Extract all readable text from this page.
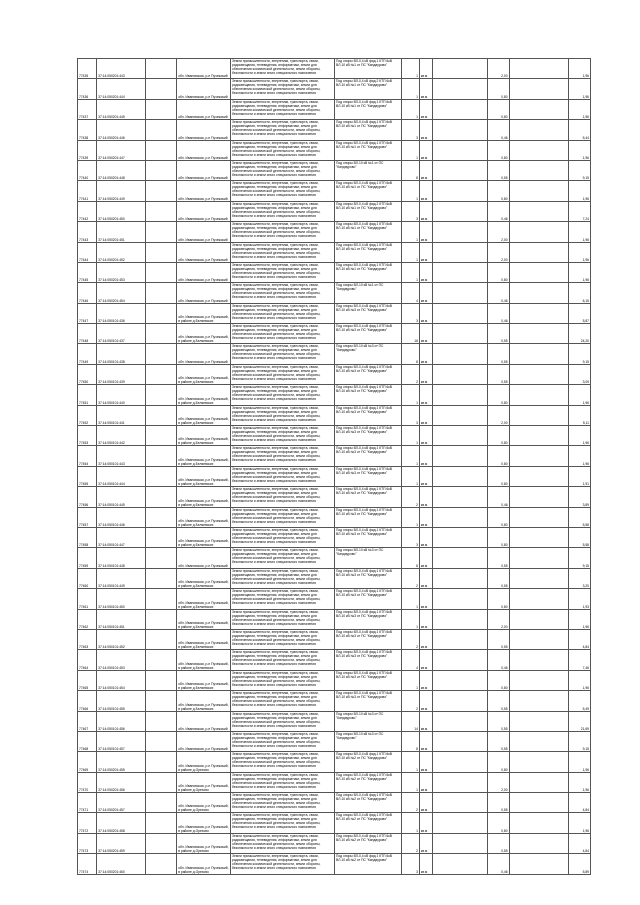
77435	37:14:050201:443		обл. Ивановская, р-н Пучежский	Земли промышленности, энергетики, транспорта, связи, радиовещания, телевидения, информатики, земли для обеспечения космической деятельности, земли обороны, безопасности и земли иного специального назначения	Под опоры ВЛ-0,4 кВ фид.1 КТП 6кВ ВЛ-10 кВ №1 от ПС "Кандаурово"	1	кв.м		2,00		1,96
77436	37:14:050201:444		обл. Ивановская, р-н Пучежский	Земли промышленности, энергетики, транспорта, связи, радиовещания, телевидения, информатики, земли для обеспечения космической деятельности, земли обороны, безопасности и земли иного специального назначения	Под опоры ВЛ-0,4 кВ фид.2 КТП 6кВ ВЛ-10 кВ №1 от ПС "Кандаурово"	1	кв.м		0,80		1,96
77437	37:14:050201:445		обл. Ивановская, р-н Пучежский	Земли промышленности, энергетики, транспорта, связи, радиовещания, телевидения, информатики, земли для обеспечения космической деятельности, земли обороны, безопасности и земли иного специального назначения	Под опоры ВЛ-0,4 кВ фид.1 КТП 6кВ ВЛ-10 кВ №1 от ПС "Кандаурово"	1	кв.м		0,80		1,96
77438	37:14:050201:446		обл. Ивановская, р-н Пучежский	Земли промышленности, энергетики, транспорта, связи, радиовещания, телевидения, информатики, земли для обеспечения космической деятельности, земли обороны, безопасности и земли иного специального назначения	Под опоры ВЛ-0,4 кВ фид.1 КТП 6кВ ВЛ-10 кВ №1 от ПС "Кандаурово"	3	кв.м		0,46		5,44
77439	37:14:050201:447		обл. Ивановская, р-н Пучежский	Земли промышленности, энергетики, транспорта, связи, радиовещания, телевидения, информатики, земли для обеспечения космической деятельности, земли обороны, безопасности и земли иного специального назначения	Под опоры ВЛ-0,4 кВ фид.1 КТП 6кВ ВЛ-10 кВ №1 от ПС "Кандаурово"	1	кв.м		0,80		1,96
77440	37:14:050201:448		обл. Ивановская, р-н Пучежский	Земли промышленности, энергетики, транспорта, связи, радиовещания, телевидения, информатики, земли для обеспечения космической деятельности, земли обороны, безопасности и земли иного специального назначения	Под опоры ВЛ-10 кВ №1 от ПС "Кандаурово"	8	кв.м		0,55		9,15
77441	37:14:050201:449		обл. Ивановская, р-н Пучежский	Земли промышленности, энергетики, транспорта, связи, радиовещания, телевидения, информатики, земли для обеспечения космической деятельности, земли обороны, безопасности и земли иного специального назначения	Под опоры ВЛ-0,4 кВ фид.1 КТП 6кВ ВЛ-10 кВ №1 от ПС "Кандаурово"	1	кв.м		0,80		1,96
77442	37:14:050201:450		обл. Ивановская, р-н Пучежский	Земли промышленности, энергетики, транспорта, связи, радиовещания, телевидения, информатики, земли для обеспечения космической деятельности, земли обороны, безопасности и земли иного специального назначения	Под опоры ВЛ-0,4 кВ фид.2 КТП 6кВ ВЛ-10 кВ №1 от ПС "Кандаурово"	3	кв.м		0,46		7,24
77443	37:14:050201:451		обл. Ивановская, р-н Пучежский	Земли промышленности, энергетики, транспорта, связи, радиовещания, телевидения, информатики, земли для обеспечения космической деятельности, земли обороны, безопасности и земли иного специального назначения	Под опоры ВЛ-0,4 кВ фид.1 КТП 6кВ ВЛ-10 кВ №1 от ПС "Кандаурово"	1	кв.м		2,00		1,96
77444	37:14:050201:452		обл. Ивановская, р-н Пучежский	Земли промышленности, энергетики, транспорта, связи, радиовещания, телевидения, информатики, земли для обеспечения космической деятельности, земли обороны, безопасности и земли иного специального назначения	Под опоры ВЛ-0,4 кВ фид.1 КТП 6кВ ВЛ-10 кВ №1 от ПС "Кандаурово"	1	кв.м		2,00		1,96
77445	37:14:050201:453		обл. Ивановская, р-н Пучежский	Земли промышленности, энергетики, транспорта, связи, радиовещания, телевидения, информатики, земли для обеспечения космической деятельности, земли обороны, безопасности и земли иного специального назначения	Под опоры ВЛ-0,4 кВ фид.1 КТП 6кВ ВЛ-10 кВ №1 от ПС "Кандаурово"	1	кв.м		0,80		1,96
77446	37:14:050201:454		обл. Ивановская, р-н Пучежский	Земли промышленности, энергетики, транспорта, связи, радиовещания, телевидения, информатики, земли для обеспечения космической деятельности, земли обороны, безопасности и земли иного специального назначения	Под опоры ВЛ-10 кВ №1 от ПС "Кандаурово"	4	кв.м		0,46		6,15
77447	37:14:050101:436		обл. Ивановская, р-н Пучежский, в районе д.Беляевских	Земли промышленности, энергетики, транспорта, связи, радиовещания, телевидения, информатики, земли для обеспечения космической деятельности, земли обороны, безопасности и земли иного специального назначения	Под опоры ВЛ-0,4 кВ фид.1 КТП 6кВ ВЛ-10 кВ №3 от ПС "Кандаурово"	3	кв.м		0,46		5,87
77448	37:14:050101:437		обл. Ивановская, р-н Пучежский, в районе д.Беляевских	Земли промышленности, энергетики, транспорта, связи, радиовещания, телевидения, информатики, земли для обеспечения космической деятельности, земли обороны, безопасности и земли иного специального назначения	Под опоры ВЛ-0,4 кВ фид.1 КТП 6кВ ВЛ-10 кВ №3 от ПС "Кандаурово"	16	кв.м		0,55		24,20
77449	37:14:050101:438		обл. Ивановская, р-н Пучежский	Земли промышленности, энергетики, транспорта, связи, радиовещания, телевидения, информатики, земли для обеспечения космической деятельности, земли обороны, безопасности и земли иного специального назначения	Под опоры ВЛ-10 кВ №3 от ПС "Кандаурово"	8	кв.м		0,55		9,15
77450	37:14:050101:439		обл. Ивановская, р-н Пучежский, в районе д.Беляевских	Земли промышленности, энергетики, транспорта, связи, радиовещания, телевидения, информатики, земли для обеспечения космической деятельности, земли обороны, безопасности и земли иного специального назначения	Под опоры ВЛ-0,4 кВ фид.1 КТП 6кВ ВЛ-10 кВ №3 от ПС "Кандаурово"	2	кв.м		0,55		3,09
77451	37:14:050101:440		обл. Ивановская, р-н Пучежский, в районе д.Беляевских	Земли промышленности, энергетики, транспорта, связи, радиовещания, телевидения, информатики, земли для обеспечения космической деятельности, земли обороны, безопасности и земли иного специального назначения	Под опоры ВЛ-0,4 кВ фид.1 КТП 6кВ ВЛ-10 кВ №3 от ПС "Кандаурово"	1	кв.м		0,80		1,96
77452	37:14:050101:441		обл. Ивановская, р-н Пучежский, в районе д.Беляевских	Земли промышленности, энергетики, транспорта, связи, радиовещания, телевидения, информатики, земли для обеспечения космической деятельности, земли обороны, безопасности и земли иного специального назначения	Под опоры ВЛ-0,4 кВ фид.1 КТП 6кВ ВЛ-10 кВ №3 от ПС "Кандаурово"	3	кв.м		2,00		5,11
77453	37:14:050101:442		обл. Ивановская, р-н Пучежский, в районе д.Беляевских	Земли промышленности, энергетики, транспорта, связи, радиовещания, телевидения, информатики, земли для обеспечения космической деятельности, земли обороны, безопасности и земли иного специального назначения	Под опоры ВЛ-0,4 кВ фид.1 КТП 6кВ ВЛ-10 кВ №3 от ПС "Кандаурово"	1	кв.м		0,80		1,96
77454	37:14:050101:443		обл. Ивановская, р-н Пучежский, в районе д.Беляевских	Земли промышленности, энергетики, транспорта, связи, радиовещания, телевидения, информатики, земли для обеспечения космической деятельности, земли обороны, безопасности и земли иного специального назначения	Под опоры ВЛ-0,4 кВ фид.1 КТП 6кВ ВЛ-10 кВ №3 от ПС "Кандаурово"	1	кв.м		0,80		1,96
77455	37:14:050101:444		обл. Ивановская, р-н Пучежский, в районе д.Беляевских	Земли промышленности, энергетики, транспорта, связи, радиовещания, телевидения, информатики, земли для обеспечения космической деятельности, земли обороны, безопасности и земли иного специального назначения	Под опоры ВЛ-0,4 кВ фид.1 КТП 6кВ ВЛ-10 кВ №3 от ПС "Кандаурово"	1	кв.м		0,80		1,91
77456	37:14:050101:445		обл. Ивановская, р-н Пучежский, в районе д.Беляевских	Земли промышленности, энергетики, транспорта, связи, радиовещания, телевидения, информатики, земли для обеспечения космической деятельности, земли обороны, безопасности и земли иного специального назначения	Под опоры ВЛ-0,4 кВ фид.1 КТП 6кВ ВЛ-10 кВ №3 от ПС "Кандаурово"	2	кв.м		0,46		3,89
77457	37:14:050101:446		обл. Ивановская, р-н Пучежский, в районе д.Беляевских	Земли промышленности, энергетики, транспорта, связи, радиовещания, телевидения, информатики, земли для обеспечения космической деятельности, земли обороны, безопасности и земли иного специального назначения	Под опоры ВЛ-0,4 кВ фид.1 КТП 6кВ ВЛ-10 кВ №3 от ПС "Кандаурово"	1	кв.м		0,80		5,58
77458	37:14:050101:447		обл. Ивановская, р-н Пучежский, в районе д.Беляевских	Земли промышленности, энергетики, транспорта, связи, радиовещания, телевидения, информатики, земли для обеспечения космической деятельности, земли обороны, безопасности и земли иного специального назначения	Под опоры ВЛ-0,4 кВ фид.1 КТП 6кВ ВЛ-10 кВ №3 от ПС "Кандаурово"	3	кв.м		0,80		5,58
77459	37:14:050101:448		обл. Ивановская, р-н Пучежский	Земли промышленности, энергетики, транспорта, связи, радиовещания, телевидения, информатики, земли для обеспечения космической деятельности, земли обороны, безопасности и земли иного специального назначения	Под опоры ВЛ-10 кВ №3 от ПС "Кандаурово"	8	кв.м		0,55		9,15
77460	37:14:050101:449		обл. Ивановская, р-н Пучежский, в районе д.Беляевских	Земли промышленности, энергетики, транспорта, связи, радиовещания, телевидения, информатики, земли для обеспечения космической деятельности, земли обороны, безопасности и земли иного специального назначения	Под опоры ВЛ-0,4 кВ фид.1 КТП 6кВ ВЛ-10 кВ №3 от ПС "Кандаурово"	2	кв.м		0,55		3,20
77461	37:14:050101:450		обл. Ивановская, р-н Пучежский, в районе д.Беляевских	Земли промышленности, энергетики, транспорта, связи, радиовещания, телевидения, информатики, земли для обеспечения космической деятельности, земли обороны, безопасности и земли иного специального назначения	Под опоры ВЛ-0,4 кВ фид.1 КТП 6кВ ВЛ-10 кВ №3 от ПС "Кандаурово"	1	кв.м		0,80		1,93
77462	37:14:050101:451		обл. Ивановская, р-н Пучежский, в районе д.Беляевских	Земли промышленности, энергетики, транспорта, связи, радиовещания, телевидения, информатики, земли для обеспечения космической деятельности, земли обороны, безопасности и земли иного специального назначения	Под опоры ВЛ-0,4 кВ фид.1 КТП 6кВ ВЛ-10 кВ №3 от ПС "Кандаурово"	1	кв.м		2,00		1,96
77463	37:14:050101:452		обл. Ивановская, р-н Пучежский, в районе д.Беляевских	Земли промышленности, энергетики, транспорта, связи, радиовещания, телевидения, информатики, земли для обеспечения космической деятельности, земли обороны, безопасности и земли иного специального назначения	Под опоры ВЛ-0,4 кВ фид.1 КТП 6кВ ВЛ-10 кВ №3 от ПС "Кандаурово"	2	кв.м		0,55		4,84
77464	37:14:050101:453		обл. Ивановская, р-н Пучежский, в районе д.Беляевских	Земли промышленности, энергетики, транспорта, связи, радиовещания, телевидения, информатики, земли для обеспечения космической деятельности, земли обороны, безопасности и земли иного специального назначения	Под опоры ВЛ-0,4 кВ фид.1 КТП 6кВ ВЛ-10 кВ №3 от ПС "Кандаурово"	4	кв.м		0,46		7,46
77465	37:14:050101:454		обл. Ивановская, р-н Пучежский, в районе д.Беляевских	Земли промышленности, энергетики, транспорта, связи, радиовещания, телевидения, информатики, земли для обеспечения космической деятельности, земли обороны, безопасности и земли иного специального назначения	Под опоры ВЛ-0,4 кВ фид.1 КТП 6кВ ВЛ-10 кВ №3 от ПС "Кандаурово"	1	кв.м		0,80		1,96
77466	37:14:050101:455		обл. Ивановская, р-н Пучежский, в районе д.Беляевских	Земли промышленности, энергетики, транспорта, связи, радиовещания, телевидения, информатики, земли для обеспечения космической деятельности, земли обороны, безопасности и земли иного специального назначения	Под опоры ВЛ-0,4 кВ фид.1 КТП 6кВ ВЛ-10 кВ №3 от ПС "Кандаурово"	2	кв.м		0,55		5,49
77467	37:14:050101:456		обл. Ивановская, р-н Пучежский	Земли промышленности, энергетики, транспорта, связи, радиовещания, телевидения, информатики, земли для обеспечения космической деятельности, земли обороны, безопасности и земли иного специального назначения	Под опоры ВЛ-10 кВ №3 от ПС "Кандаурово"	14	кв.м		0,55		21,69
77468	37:14:050101:457		обл. Ивановская, р-н Пучежский	Земли промышленности, энергетики, транспорта, связи, радиовещания, телевидения, информатики, земли для обеспечения космической деятельности, земли обороны, безопасности и земли иного специального назначения	Под опоры ВЛ-10 кВ №3 от ПС "Кандаурово"	8	кв.м		0,55		9,15
77469	37:14:050201:455		обл. Ивановская, р-н Пучежский, в районе д.Орехово	Земли промышленности, энергетики, транспорта, связи, радиовещания, телевидения, информатики, земли для обеспечения космической деятельности, земли обороны, безопасности и земли иного специального назначения	Под опоры ВЛ-0,4 кВ фид.1 КТП 6кВ ВЛ-10 кВ №2 от ПС "Кандаурово"	1	кв.м		0,80		1,96
77470	37:14:050201:456		обл. Ивановская, р-н Пучежский, в районе д.Орехово	Земли промышленности, энергетики, транспорта, связи, радиовещания, телевидения, информатики, земли для обеспечения космической деятельности, земли обороны, безопасности и земли иного специального назначения	Под опоры ВЛ-0,4 кВ фид.1 КТП 6кВ ВЛ-10 кВ №2 от ПС "Кандаурово"	1	кв.м		2,00		1,96
77471	37:14:050201:457		обл. Ивановская, р-н Пучежский, в районе д.Орехово	Земли промышленности, энергетики, транспорта, связи, радиовещания, телевидения, информатики, земли для обеспечения космической деятельности, земли обороны, безопасности и земли иного специального назначения	Под опоры ВЛ-0,4 кВ фид.1 КТП 6кВ ВЛ-10 кВ №2 от ПС "Кандаурово"	2	кв.м		0,55		4,84
77472	37:14:050201:458		обл. Ивановская, р-н Пучежский, в районе д.Орехово	Земли промышленности, энергетики, транспорта, связи, радиовещания, телевидения, информатики, земли для обеспечения космической деятельности, земли обороны, безопасности и земли иного специального назначения	Под опоры ВЛ-0,4 кВ фид.1 КТП 6кВ ВЛ-10 кВ №2 от ПС "Кандаурово"	1	кв.м		0,80		1,96
77473	37:14:050201:459		обл. Ивановская, р-н Пучежский, в районе д.Орехово	Земли промышленности, энергетики, транспорта, связи, радиовещания, телевидения, информатики, земли для обеспечения космической деятельности, земли обороны, безопасности и земли иного специального назначения	Под опоры ВЛ-0,4 кВ фид.1 КТП 6кВ ВЛ-10 кВ №2 от ПС "Кандаурово"	2	кв.м		0,55		4,84
77474	37:14:050201:460		обл. Ивановская, р-н Пучежский, в районе д.Орехово	Земли промышленности, энергетики, транспорта, связи, радиовещания, телевидения, информатики, земли для обеспечения космической деятельности, земли обороны, безопасности и земли иного специального назначения	Под опоры ВЛ-0,4 кВ фид.1 КТП 6кВ ВЛ-10 кВ №2 от ПС "Кандаурово"	3	кв.м		0,46		5,89
